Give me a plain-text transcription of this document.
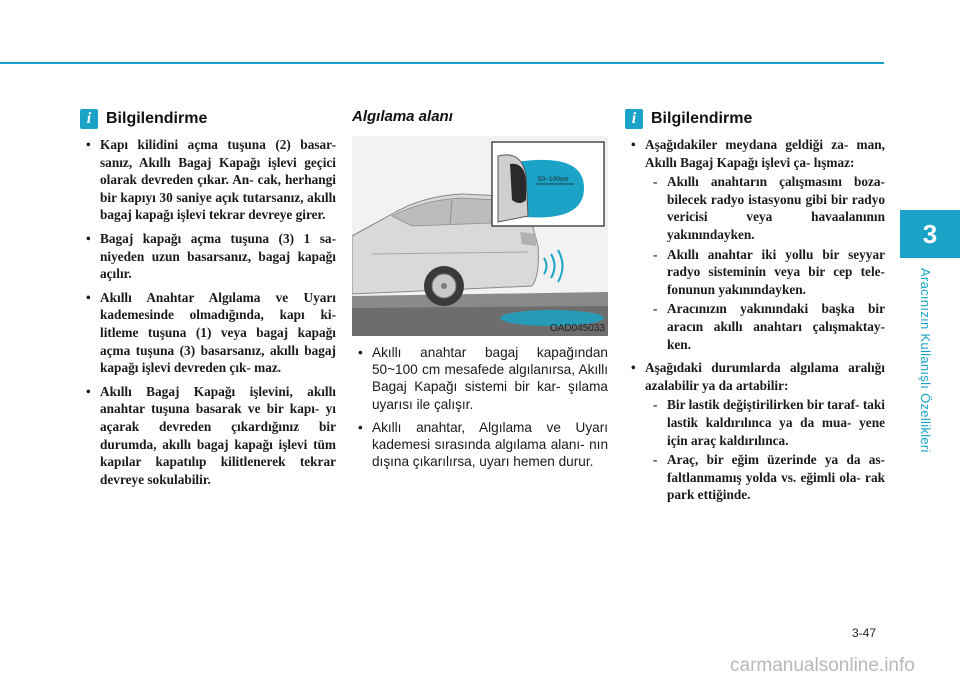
3
Aracınızın Kullanışlı Özellikleri
i Bilgilendirme
• Kapı kilidini açma tuşuna (2) basar- sanız, Akıllı Bagaj Kapağı işlevi geçici olarak devreden çıkar. An- cak, herhangi bir kapıyı 30 saniye açık tutarsanız, akıllı bagaj kapağı işlevi tekrar devreye girer.
• Bagaj kapağı açma tuşuna (3) 1 sa- niyeden uzun basarsanız, bagaj kapağı açılır.
• Akıllı Anahtar Algılama ve Uyarı kademesinde olmadığında, kapı ki- litleme tuşuna (1) veya bagaj kapağı açma tuşuna (3) basarsanız, akıllı bagaj kapağı işlevi devreden çık- maz.
• Akıllı Bagaj Kapağı işlevini, akıllı anahtar tuşuna basarak ve bir kapı- yı açarak devreden çıkardığınız bir durumda, akıllı bagaj kapağı işlevi tüm kapılar kapatılıp kilitlenerek tekrar devreye sokulabilir.
Algılama alanı
50~100cm
OAD045033
• Akıllı anahtar bagaj kapağından 50~100 cm mesafede algılanırsa, Akıllı Bagaj Kapağı sistemi bir kar- şılama uyarısı ile çalışır.
• Akıllı anahtar, Algılama ve Uyarı kademesi sırasında algılama alanı- nın dışına çıkarılırsa, uyarı hemen durur.
i Bilgilendirme
• Aşağıdakiler meydana geldiği za- man, Akıllı Bagaj Kapağı işlevi ça- lışmaz:
- Akıllı anahtarın çalışmasını boza- bilecek radyo istasyonu gibi bir radyo vericisi veya havaalanının yakınındayken.
- Akıllı anahtar iki yollu bir seyyar radyo sisteminin veya bir cep tele- fonunun yakınındayken.
- Aracınızın yakınındaki başka bir aracın akıllı anahtarı çalışmaktay- ken.
• Aşağıdaki durumlarda algılama aralığı azalabilir ya da artabilir:
- Bir lastik değiştirilirken bir taraf- taki lastik kaldırılınca ya da mua- yene için araç kaldırılınca.
- Araç, bir eğim üzerinde ya da as- faltlanmamış yolda vs. eğimli ola- rak park ettiğinde.
3-47
carmanualsonline.info
